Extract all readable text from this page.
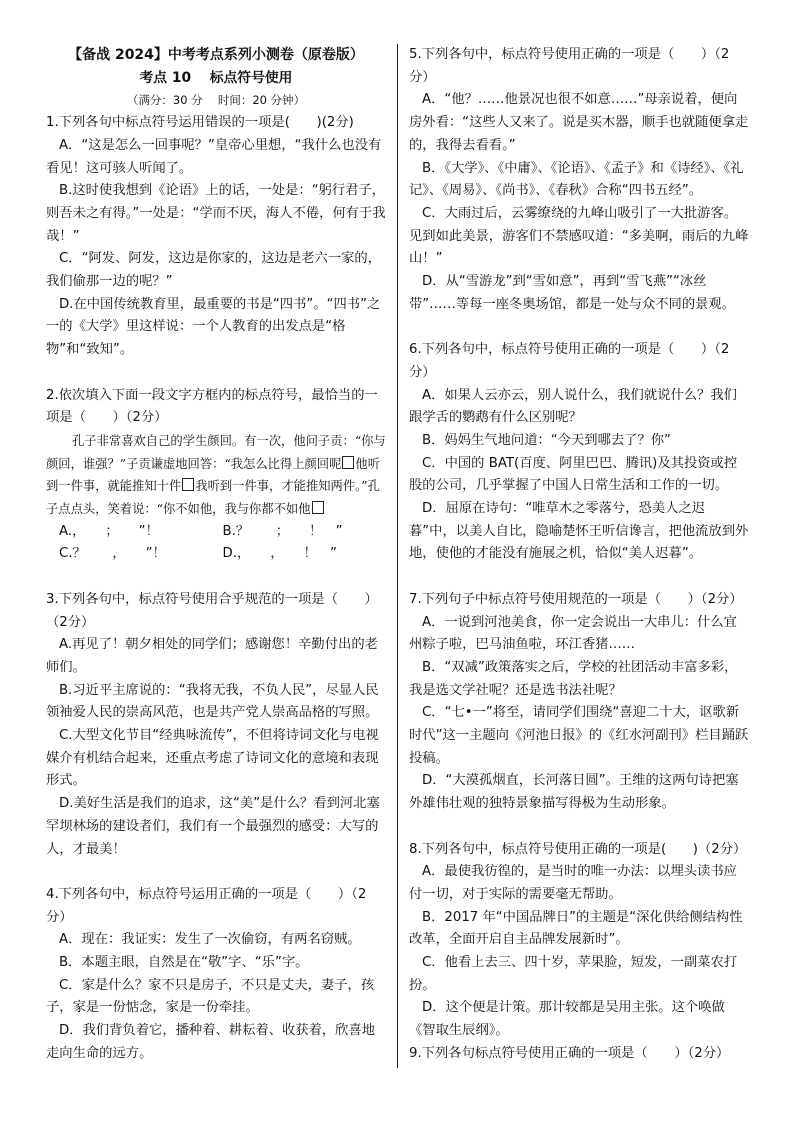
【备战 2024】中考考点系列小测卷（原卷版）

考点 10　 标点符号使用

（满分：30 分　 时间：20 分钟）

1.下列各句中标点符号运用错误的一项是(　　)(2分)

A．“这是怎么一回事呢？”皇帝心里想，“我什么也没有看见！这可骇人听闻了。

B.这时使我想到《论语》上的话，一处是：“躬行君子，则吾未之有得。”一处是：“学而不厌，海人不倦，何有于我哉！”

C．“阿发、阿发，这边是你家的，这边是老六一家的，我们偷那一边的呢？”

D.在中国传统教育里，最重要的书是“四书”。“四书”之一的《大学》里这样说：一个人教育的出发点是“格物”和“致知”。

2.依次填入下面一段文字方框内的标点符号，最恰当的一项是（　　）（2分）

孔子非常喜欢自己的学生颜回。有一次，他问子贡：“你与颜回，谁强？”子贡谦虚地回答：“我怎么比得上颜回呢 他听到一件事，就能推知十件 我听到一件事，才能推知两件。”孔子点点头，笑着说：“你不如他，我与你都不如他

A.，　　；　　”！	B.？　　；　　！　”
C.？　　，　　”！	D.，　　，　　！　”

3.下列各句中，标点符号使用合乎规范的一项是（　　）（2分）

A.再见了！朝夕相处的同学们；感谢您！辛勤付出的老师们。

B.习近平主席说的：“我将无我，不负人民”，尽显人民领袖爱人民的崇高风范，也是共产党人崇高品格的写照。

C.大型文化节目“经典咏流传”，不但将诗词文化与电视媒介有机结合起来，还重点考虑了诗词文化的意境和表现形式。

D.美好生活是我们的追求，这“美”是什么？看到河北塞罕坝林场的建设者们，我们有一个最强烈的感受：大写的人，才最美！

4.下列各句中，标点符号运用正确的一项是（　　）（2分）

A．现在：我证实：发生了一次偷窃，有两名窃贼。

B．本题主眼，自然是在“敬”字、“乐”字。

C．家是什么？家不只是房子，不只是丈夫，妻子，孩子，家是一份惦念，家是一份牵挂。

D．我们背负着它，播种着、耕耘着、收获着，欣喜地走向生命的远方。

5.下列各句中，标点符号使用正确的一项是（　　）（2分）

A．“他？……他景况也很不如意……”母亲说着，便向房外看：“这些人又来了。说是买木器，顺手也就随便拿走的，我得去看看。”

B．《大学》、《中庸》、《论语》、《孟子》和《诗经》、《礼记》、《周易》、《尚书》、《春秋》合称“四书五经”。

C．大雨过后，云雾缭绕的九峰山吸引了一大批游客。见到如此美景，游客们不禁感叹道：“多美啊，雨后的九峰山！”

D．从“雪游龙”到“雪如意”，再到“雪飞燕”“冰丝带”……等每一座冬奥场馆，都是一处与众不同的景观。

6.下列各句中，标点符号使用正确的一项是（　　）（2分）

A．如果人云亦云，别人说什么，我们就说什么？我们跟学舌的鹦鹉有什么区别呢？

B．妈妈生气地问道：“今天到哪去了？你”

C．中国的 BAT(百度、阿里巴巴、腾讯)及其投资或控股的公司，几乎掌握了中国人日常生活和工作的一切。

D．屈原在诗句：“唯草木之零落兮，恐美人之迟暮”中，以美人自比，隐喻楚怀王听信谗言，把他流放到外地，使他的才能没有施展之机，恰似“美人迟暮”。

7.下列句子中标点符号使用规范的一项是（　　）（2分）

A．一说到河池美食，你一定会说出一大串儿：什么宜州粽子啦，巴马油鱼啦，环江香猪……

B．“双减”政策落实之后，学校的社团活动丰富多彩，我是选文学社呢？还是选书法社呢？

C．“七•一”将至，请同学们围绕“喜迎二十大，讴歌新时代”这一主题向《河池日报》的《红水河副刊》栏目踊跃投稿。

D．“大漠孤烟直，长河落日圆”。王维的这两句诗把塞外雄伟壮观的独特景象描写得极为生动形象。

8.下列各句中，标点符号使用正确的一项是(　　)（2分）

A．最使我彷徨的，是当时的唯一办法：以埋头读书应付一切，对于实际的需要毫无帮助。

B．2017 年“中国品牌日”的主题是“深化供给侧结构性改革，全面开启自主品牌发展新时”。

C．他看上去三、四十岁，苹果脸，短发，一副菜农打扮。

D．这个便是计策。那计较都是吴用主张。这个唤做《智取生辰纲》。

9.下列各句标点符号使用正确的一项是（　　）（2分）
